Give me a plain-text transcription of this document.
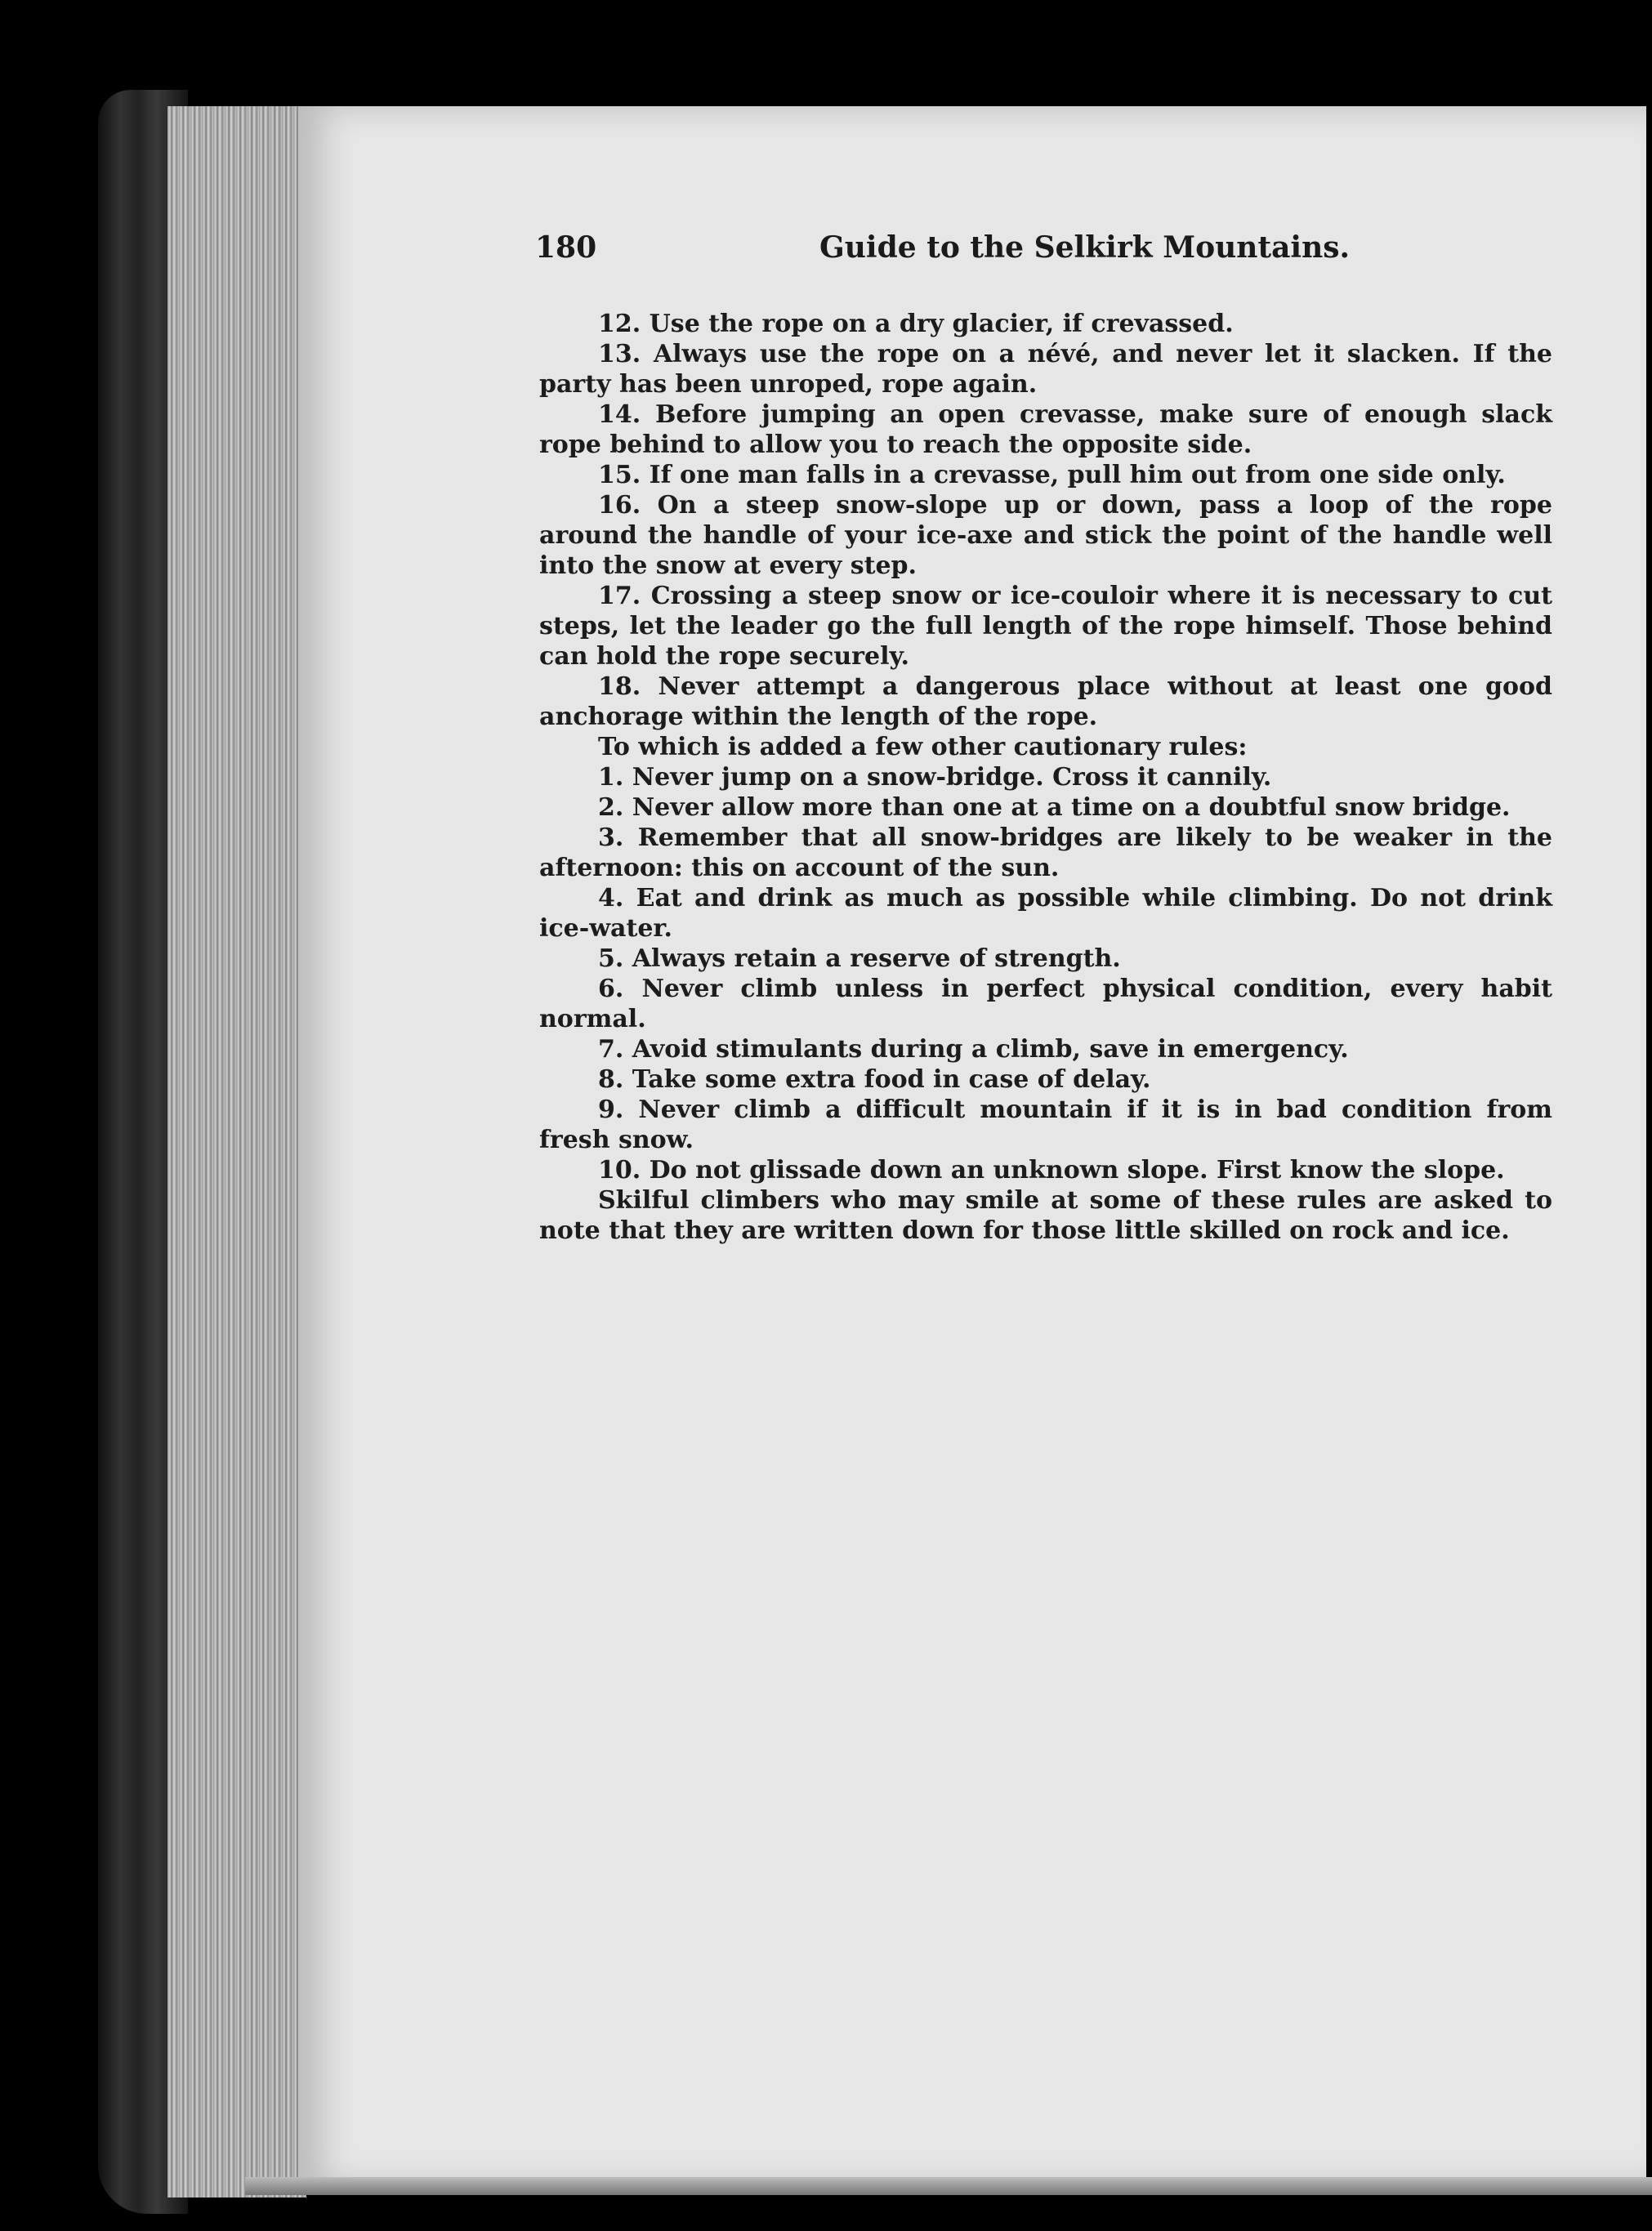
180	Guide to the Selkirk Mountains.

12. Use the rope on a dry glacier, if crevassed.

13. Always use the rope on a névé, and never let it slacken. If the party has been unroped, rope again.

14. Before jumping an open crevasse, make sure of enough slack rope behind to allow you to reach the opposite side.

15. If one man falls in a crevasse, pull him out from one side only.

16. On a steep snow-slope up or down, pass a loop of the rope around the handle of your ice-axe and stick the point of the handle well into the snow at every step.

17. Crossing a steep snow or ice-couloir where it is necessary to cut steps, let the leader go the full length of the rope himself. Those behind can hold the rope securely.

18. Never attempt a dangerous place without at least one good anchorage within the length of the rope.

To which is added a few other cautionary rules:

1. Never jump on a snow-bridge. Cross it cannily.

2. Never allow more than one at a time on a doubtful snow bridge.

3. Remember that all snow-bridges are likely to be weaker in the afternoon: this on account of the sun.

4. Eat and drink as much as possible while climbing. Do not drink ice-water.

5. Always retain a reserve of strength.

6. Never climb unless in perfect physical condition, every habit normal.

7. Avoid stimulants during a climb, save in emergency.

8. Take some extra food in case of delay.

9. Never climb a difficult mountain if it is in bad condition from fresh snow.

10. Do not glissade down an unknown slope. First know the slope.

Skilful climbers who may smile at some of these rules are asked to note that they are written down for those little skilled on rock and ice.
